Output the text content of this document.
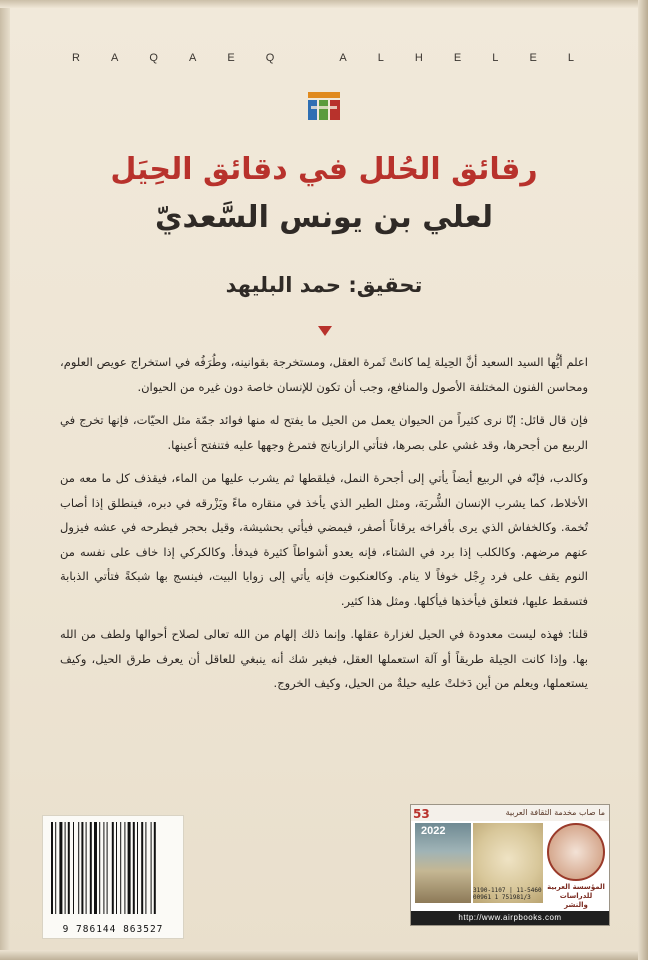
R	A	Q	A	E	Q
	A	L	H	E	L	E	L
رقائق الحُلل في دقائق الحِيَل
لعلي بن يونس السَّعديّ
تحقيق: حمد البليهد

اعلم أيُّها السيد السعيد أنَّ الحِيلة لِما كانتْ ثَمرة العقل، ومستخرجة بقوانينه، وطُرَفُه في استخراج عويص العلوم، ومحاسن الفنون المختلفة الأصول والمنافع، وجب أن تكون للإنسان خاصة دون غيره من الحيوان.

فإن قال قائل: إنّا نرى كثيراً من الحيوان يعمل من الحيل ما يفتح له منها فوائد جمّة مثل الحيّات، فإنها تخرج في الربيع من أجحرها، وقد غشي على بصرها، فتأتي الرازيانج فتمرغ وجهها عليه فتنفتح أعينها.

وكالدب، فإنّه في الربيع أيضاً يأتي إلى أجحرة النمل، فيلقطها ثم يشرب عليها من الماء، فيقذف كل ما معه من الأخلاط، كما يشرب الإنسان الشُّربَة، ومثل الطير الذي يأخذ في منقاره ماءً ويَزْرقه في دبره، فينطلق إذا أصاب تُخمة. وكالخفاش الذي يرى بأفراخه يرقاناً أصفر، فيمضي فيأتي بحشيشة، وقيل بحجر فيطرحه في عشه فيزول عنهم مرضهم. وكالكلب إذا برد في الشتاء، فإنه يعدو أشواطاً كثيرة فيدفأ. وكالكركي إذا خاف على نفسه من النوم يقف على فرد رِجْل خوفاً لا ينام. وكالعنكبوت فإنه يأتي إلى زوايا البيت، فينسج بها شبكةً فتأتي الذبابة فتسقط عليها، فتعلق فيأخذها فيأكلها. ومثل هذا كثير.

قلنا: فهذه ليست معدودة في الحيل لغزارة عقلها. وإنما ذلك إلهام من الله تعالى لصلاح أحوالها ولطف من الله بها. وإذا كانت الحِيلة طريقاً أو آلة استعملها العقل، فبغير شك أنه ينبغي للعاقل أن يعرف طرق الحيل، وكيف يستعملها، ويعلم من أين دَخلتْ عليه حيلةٌ من الحيل، وكيف الخروج.

9 786144 863527
53	ما صاب مخدمة الثقافة العربية
2022
المؤسسة العربية للدراسات والنشر
3190-1107 | 11-5460
00961 1 751981/3
http://www.airpbooks.com
